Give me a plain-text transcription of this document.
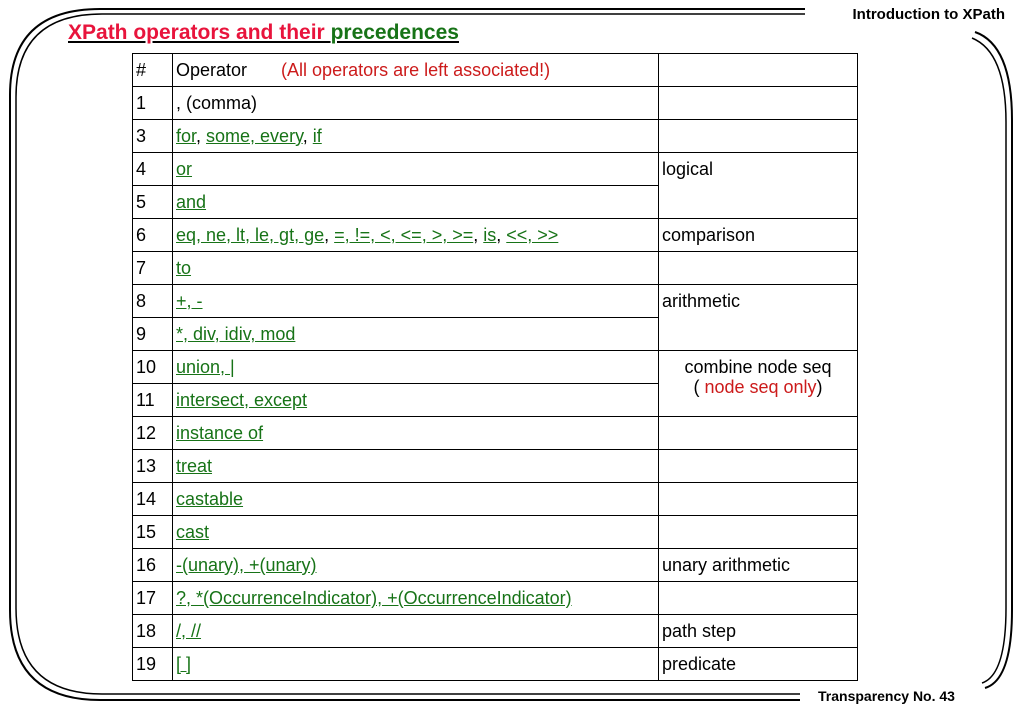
Introduction to XPath
Transparency No. 43
XPath operators and their precedences
#	Operator (All operators are left associated!)	
1	, (comma)	
3	for, some, every, if	
4	or	logical
5	and	
6	eq, ne, lt, le, gt, ge, =, !=, <, <=, >, >=, is, <<, >>	comparison
7	to	
8	+, -	arithmetic
9	*, div, idiv, mod	
10	union, |	combine node seq
( node seq only)

11	intersect, except	
12	instance of	
13	treat	
14	castable	
15	cast	
16	-(unary), +(unary)	unary arithmetic
17	?, *(OccurrenceIndicator), +(OccurrenceIndicator)	
18	/, //	path step
19	[ ]	predicate
